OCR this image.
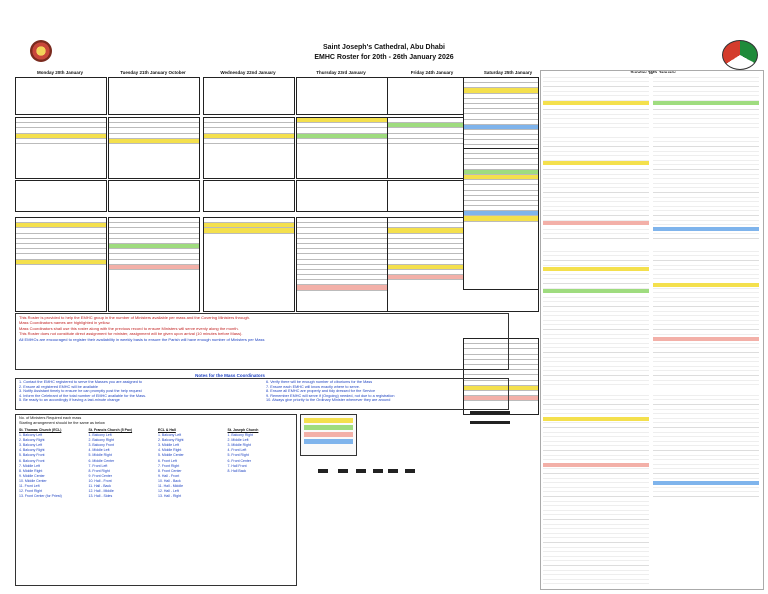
Saint Joseph's Cathedral, Abu Dhabi
EMHC Roster for 20th - 26th January 2026
Monday 20th January	Tuesday 21th January October	Wednesday 22nd January	Thursday 23rd January	Friday 24th January	Saturday 25th January
This Roster is provided to help the EMHC group in the number of Ministers available per mass and the Covering Ministers through.
Mass Coordinators names are highlighted in yellow.
Mass Coordinators shall use this roster along with the previous record to ensure Ministers will serve evenly along the month.
This Roster does not constitute direct assignment for minister, assignment will be given upon arrival (10 minutes before Mass).
All EMHCs are encouraged to register their availability in weekly basis to ensure the Parish will have enough number of Ministers per Mass
Notes for the Mass Coordinators
1. Contact the EMHC registered to serve the Masses you are assigned to
2. Ensure all registered EMHC will be available
3. Notify Assistant timely to ensure he can promptly post the help request
4. Inform the Celebrant of the total number of EMHC available for the Mass.
5. Be ready to an accordingly if having a last-minute change
6. Verify there will be enough number of ciboriums for the Mass
7. Ensure each EMHC will know exactly where to serve.
8. Ensure all EMHC are properly and tidy dressed for the Service
9. Remember EMHC will serve if (Ongoing) needed, not due to a registration
10. Always give priority to the Ordinary Minister whenever they are around
No. of Ministers Required each mass
Starting arrangement should be the same as below
St. Thomas Church (ECL)
1. Balcony Left
2. Balcony Right
3. Balcony Left
4. Balcony Right
5. Balcony Front
6. Balcony Front
7. Middle Left
8. Middle Right
9. Middle Center
10. Middle Center
11. Front Left
12. Front Right
13. Front Center (for Priest)
St. Francis Church (5 Pax)
1. Balcony Left
2. Balcony Right
3. Balcony Front
4. Middle Left
5. Middle Right
6. Middle Center
7. Front Left
8. Front Right
9. Front Center
10. Hall - Front
11. Hall - Back
12. Hall - Middle
13. Hall - Sides
ECL & Hall
1. Balcony Left
2. Balcony Right
3. Middle Left
4. Middle Right
5. Middle Center
6. Front Left
7. Front Right
8. Front Center
9. Hall - Front
10. Hall - Back
11. Hall - Middle
12. Hall - Left
13. Hall - Right
St. Joseph Church
1. Balcony Right
2. Middle Left
3. Middle Right
4. Front Left
5. Front Right
6. Front Center
7. Hall Front
8. Hall Back
